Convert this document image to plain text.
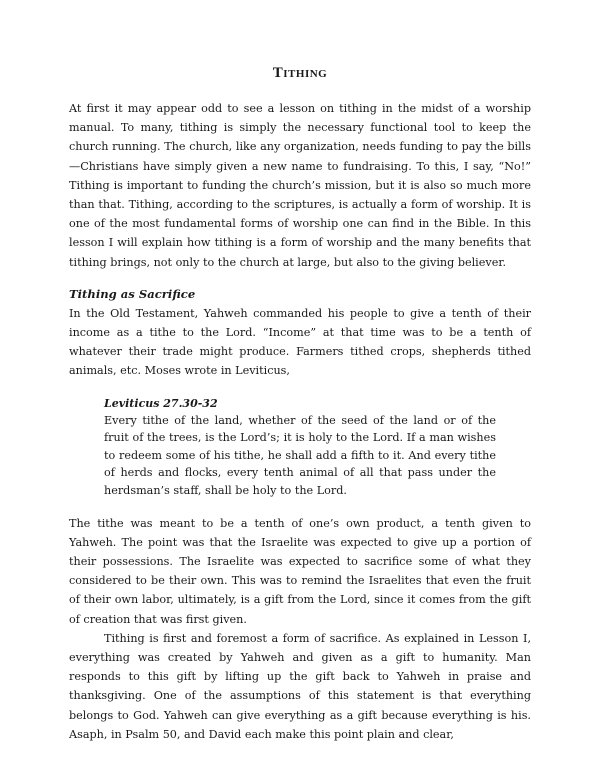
Tithing

At first it may appear odd to see a lesson on tithing in the midst of a worship manual. To many, tithing is simply the necessary functional tool to keep the church running. The church, like any organization, needs funding to pay the bills—Christians have simply given a new name to fundraising. To this, I say, “No!” Tithing is important to funding the church’s mission, but it is also so much more than that. Tithing, according to the scriptures, is actually a form of worship. It is one of the most fundamental forms of worship one can find in the Bible. In this lesson I will explain how tithing is a form of worship and the many benefits that tithing brings, not only to the church at large, but also to the giving believer.

Tithing as Sacrifice

In the Old Testament, Yahweh commanded his people to give a tenth of their income as a tithe to the Lord. “Income” at that time was to be a tenth of whatever their trade might produce. Farmers tithed crops, shepherds tithed animals, etc. Moses wrote in Leviticus,

Leviticus 27.30-32

Every tithe of the land, whether of the seed of the land or of the fruit of the trees, is the Lord’s; it is holy to the Lord. If a man wishes to redeem some of his tithe, he shall add a fifth to it. And every tithe of herds and flocks, every tenth animal of all that pass under the herdsman’s staff, shall be holy to the Lord.

The tithe was meant to be a tenth of one’s own product, a tenth given to Yahweh. The point was that the Israelite was expected to give up a portion of their possessions. The Israelite was expected to sacrifice some of what they considered to be their own. This was to remind the Israelites that even the fruit of their own labor, ultimately, is a gift from the Lord, since it comes from the gift of creation that was first given.

Tithing is first and foremost a form of sacrifice. As explained in Lesson I, everything was created by Yahweh and given as a gift to humanity. Man responds to this gift by lifting up the gift back to Yahweh in praise and thanksgiving. One of the assumptions of this statement is that everything belongs to God. Yahweh can give everything as a gift because everything is his. Asaph, in Psalm 50, and David each make this point plain and clear,
